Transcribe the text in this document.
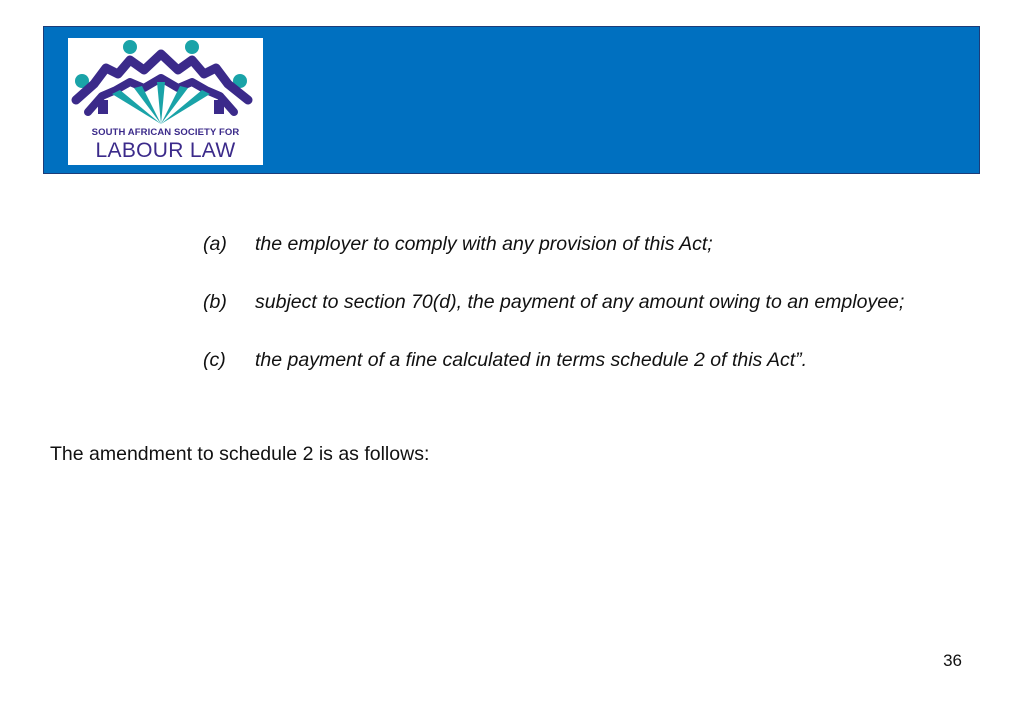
SOUTH AFRICAN SOCIETY FOR
LABOUR LAW
(a) the employer to comply with any provision of this Act;
(b) subject to section 70(d), the payment of any amount owing to an employee;
(c) the payment of a fine calculated in terms schedule 2 of this Act”.
The amendment to schedule 2 is as follows:
36
